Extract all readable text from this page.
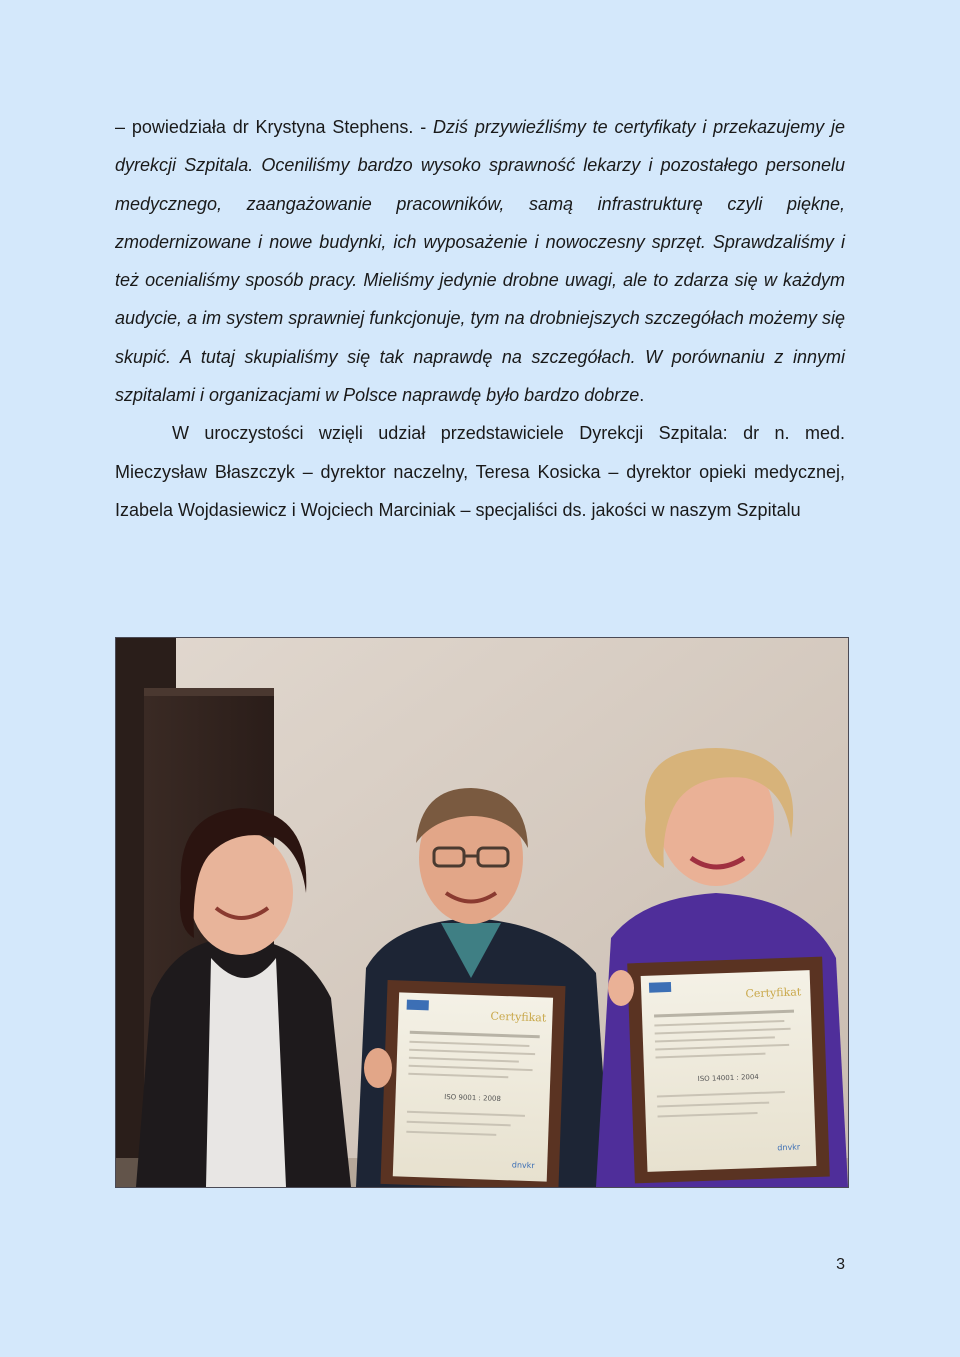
– powiedziała dr Krystyna Stephens. - Dziś przywieźliśmy te certyfikaty i przekazujemy je dyrekcji Szpitala. Oceniliśmy bardzo wysoko sprawność lekarzy i pozostałego personelu medycznego, zaangażowanie pracowników, samą infrastrukturę czyli piękne, zmodernizowane i nowe budynki, ich wyposażenie i nowoczesny sprzęt. Sprawdzaliśmy i też ocenialiśmy sposób pracy. Mieliśmy jedynie drobne uwagi, ale to zdarza się w każdym audycie, a im system sprawniej funkcjonuje, tym na drobniejszych szczegółach możemy się skupić. A tutaj skupialiśmy się tak naprawdę na szczegółach. W porównaniu z innymi szpitalami i organizacjami w Polsce naprawdę było bardzo dobrze.

W uroczystości wzięli udział przedstawiciele Dyrekcji Szpitala: dr n. med. Mieczysław Błaszczyk – dyrektor naczelny, Teresa Kosicka – dyrektor opieki medycznej, Izabela Wojdasiewicz i Wojciech Marciniak – specjaliści ds. jakości w naszym Szpitalu

Certyfikat
ISO 9001 : 2008
dnvkr
Certyfikat
ISO 14001 : 2004
dnvkr
3
